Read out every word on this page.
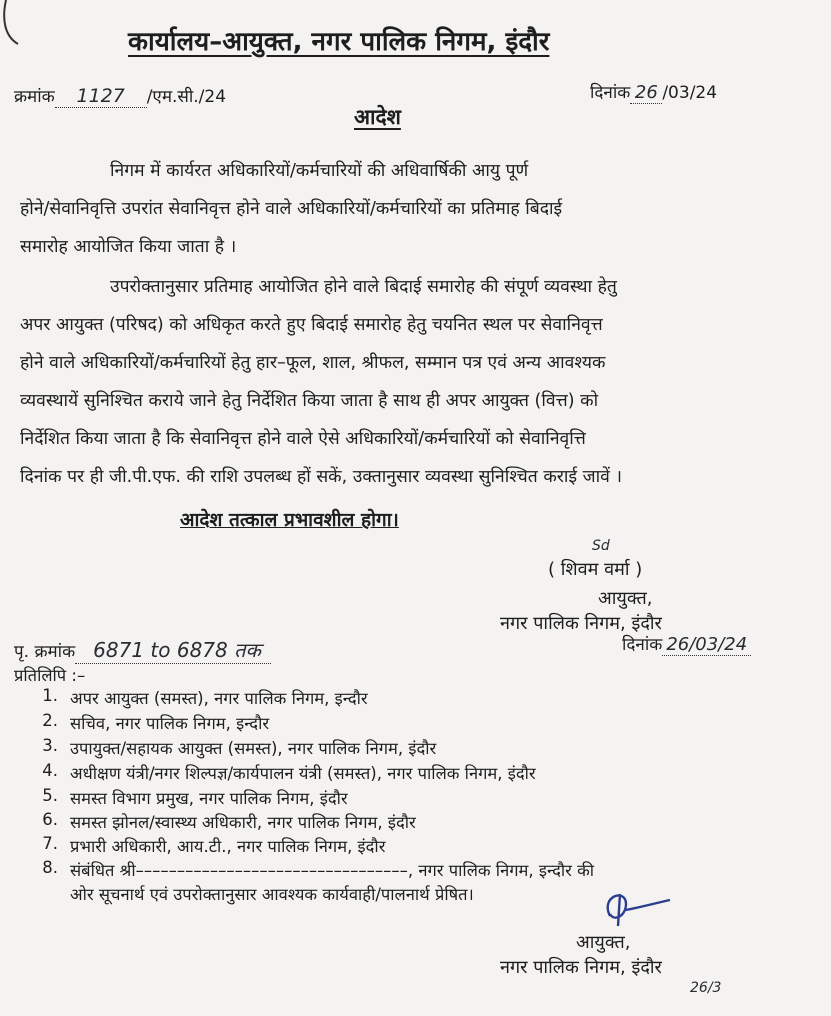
कार्यालय–आयुक्त, नगर पालिक निगम, इंदौर
क्रमांक 1127 /एम.सी./24	दिनांक 26 /03/24
आदेश
निगम में कार्यरत अधिकारियों/कर्मचारियों की अधिवार्षिकी आयु पूर्ण
होने/सेवानिवृत्ति उपरांत सेवानिवृत्त होने वाले अधिकारियों/कर्मचारियों का प्रतिमाह बिदाई
समारोह आयोजित किया जाता है ।
उपरोक्तानुसार प्रतिमाह आयोजित होने वाले बिदाई समारोह की संपूर्ण व्यवस्था हेतु
अपर आयुक्त (परिषद) को अधिकृत करते हुए बिदाई समारोह हेतु चयनित स्थल पर सेवानिवृत्त
होने वाले अधिकारियों/कर्मचारियों हेतु हार–फूल, शाल, श्रीफल, सम्मान पत्र एवं अन्य आवश्यक
व्यवस्थायें सुनिश्चित कराये जाने हेतु निर्देशित किया जाता है साथ ही अपर आयुक्त (वित्त) को
निर्देशित किया जाता है कि सेवानिवृत्त होने वाले ऐसे अधिकारियों/कर्मचारियों को सेवानिवृत्ति
दिनांक पर ही जी.पी.एफ. की राशि उपलब्ध हों सकें, उक्तानुसार व्यवस्था सुनिश्चित कराई जावें ।
आदेश तत्काल प्रभावशील होगा।
Sd
( शिवम वर्मा )
आयुक्त,
नगर पालिक निगम, इंदौर
पृ. क्रमांक 6871 to 6878 तक	दिनांक 26/03/24
प्रतिलिपि :–
1. अपर आयुक्त (समस्त), नगर पालिक निगम, इन्दौर
2. सचिव, नगर पालिक निगम, इन्दौर
3. उपायुक्त/सहायक आयुक्त (समस्त), नगर पालिक निगम, इंदौर
4. अधीक्षण यंत्री/नगर शिल्पज्ञ/कार्यपालन यंत्री (समस्त), नगर पालिक निगम, इंदौर
5. समस्त विभाग प्रमुख, नगर पालिक निगम, इंदौर
6. समस्त झोनल/स्वास्थ्य अधिकारी, नगर पालिक निगम, इंदौर
7. प्रभारी अधिकारी, आय.टी., नगर पालिक निगम, इंदौर
8. संबंधित श्री–––––––––––––––––––––––––––––––––, नगर पालिक निगम, इन्दौर की
ओर सूचनार्थ एवं उपरोक्तानुसार आवश्यक कार्यवाही/पालनार्थ प्रेषित।
आयुक्त,
नगर पालिक निगम, इंदौर
26/3
